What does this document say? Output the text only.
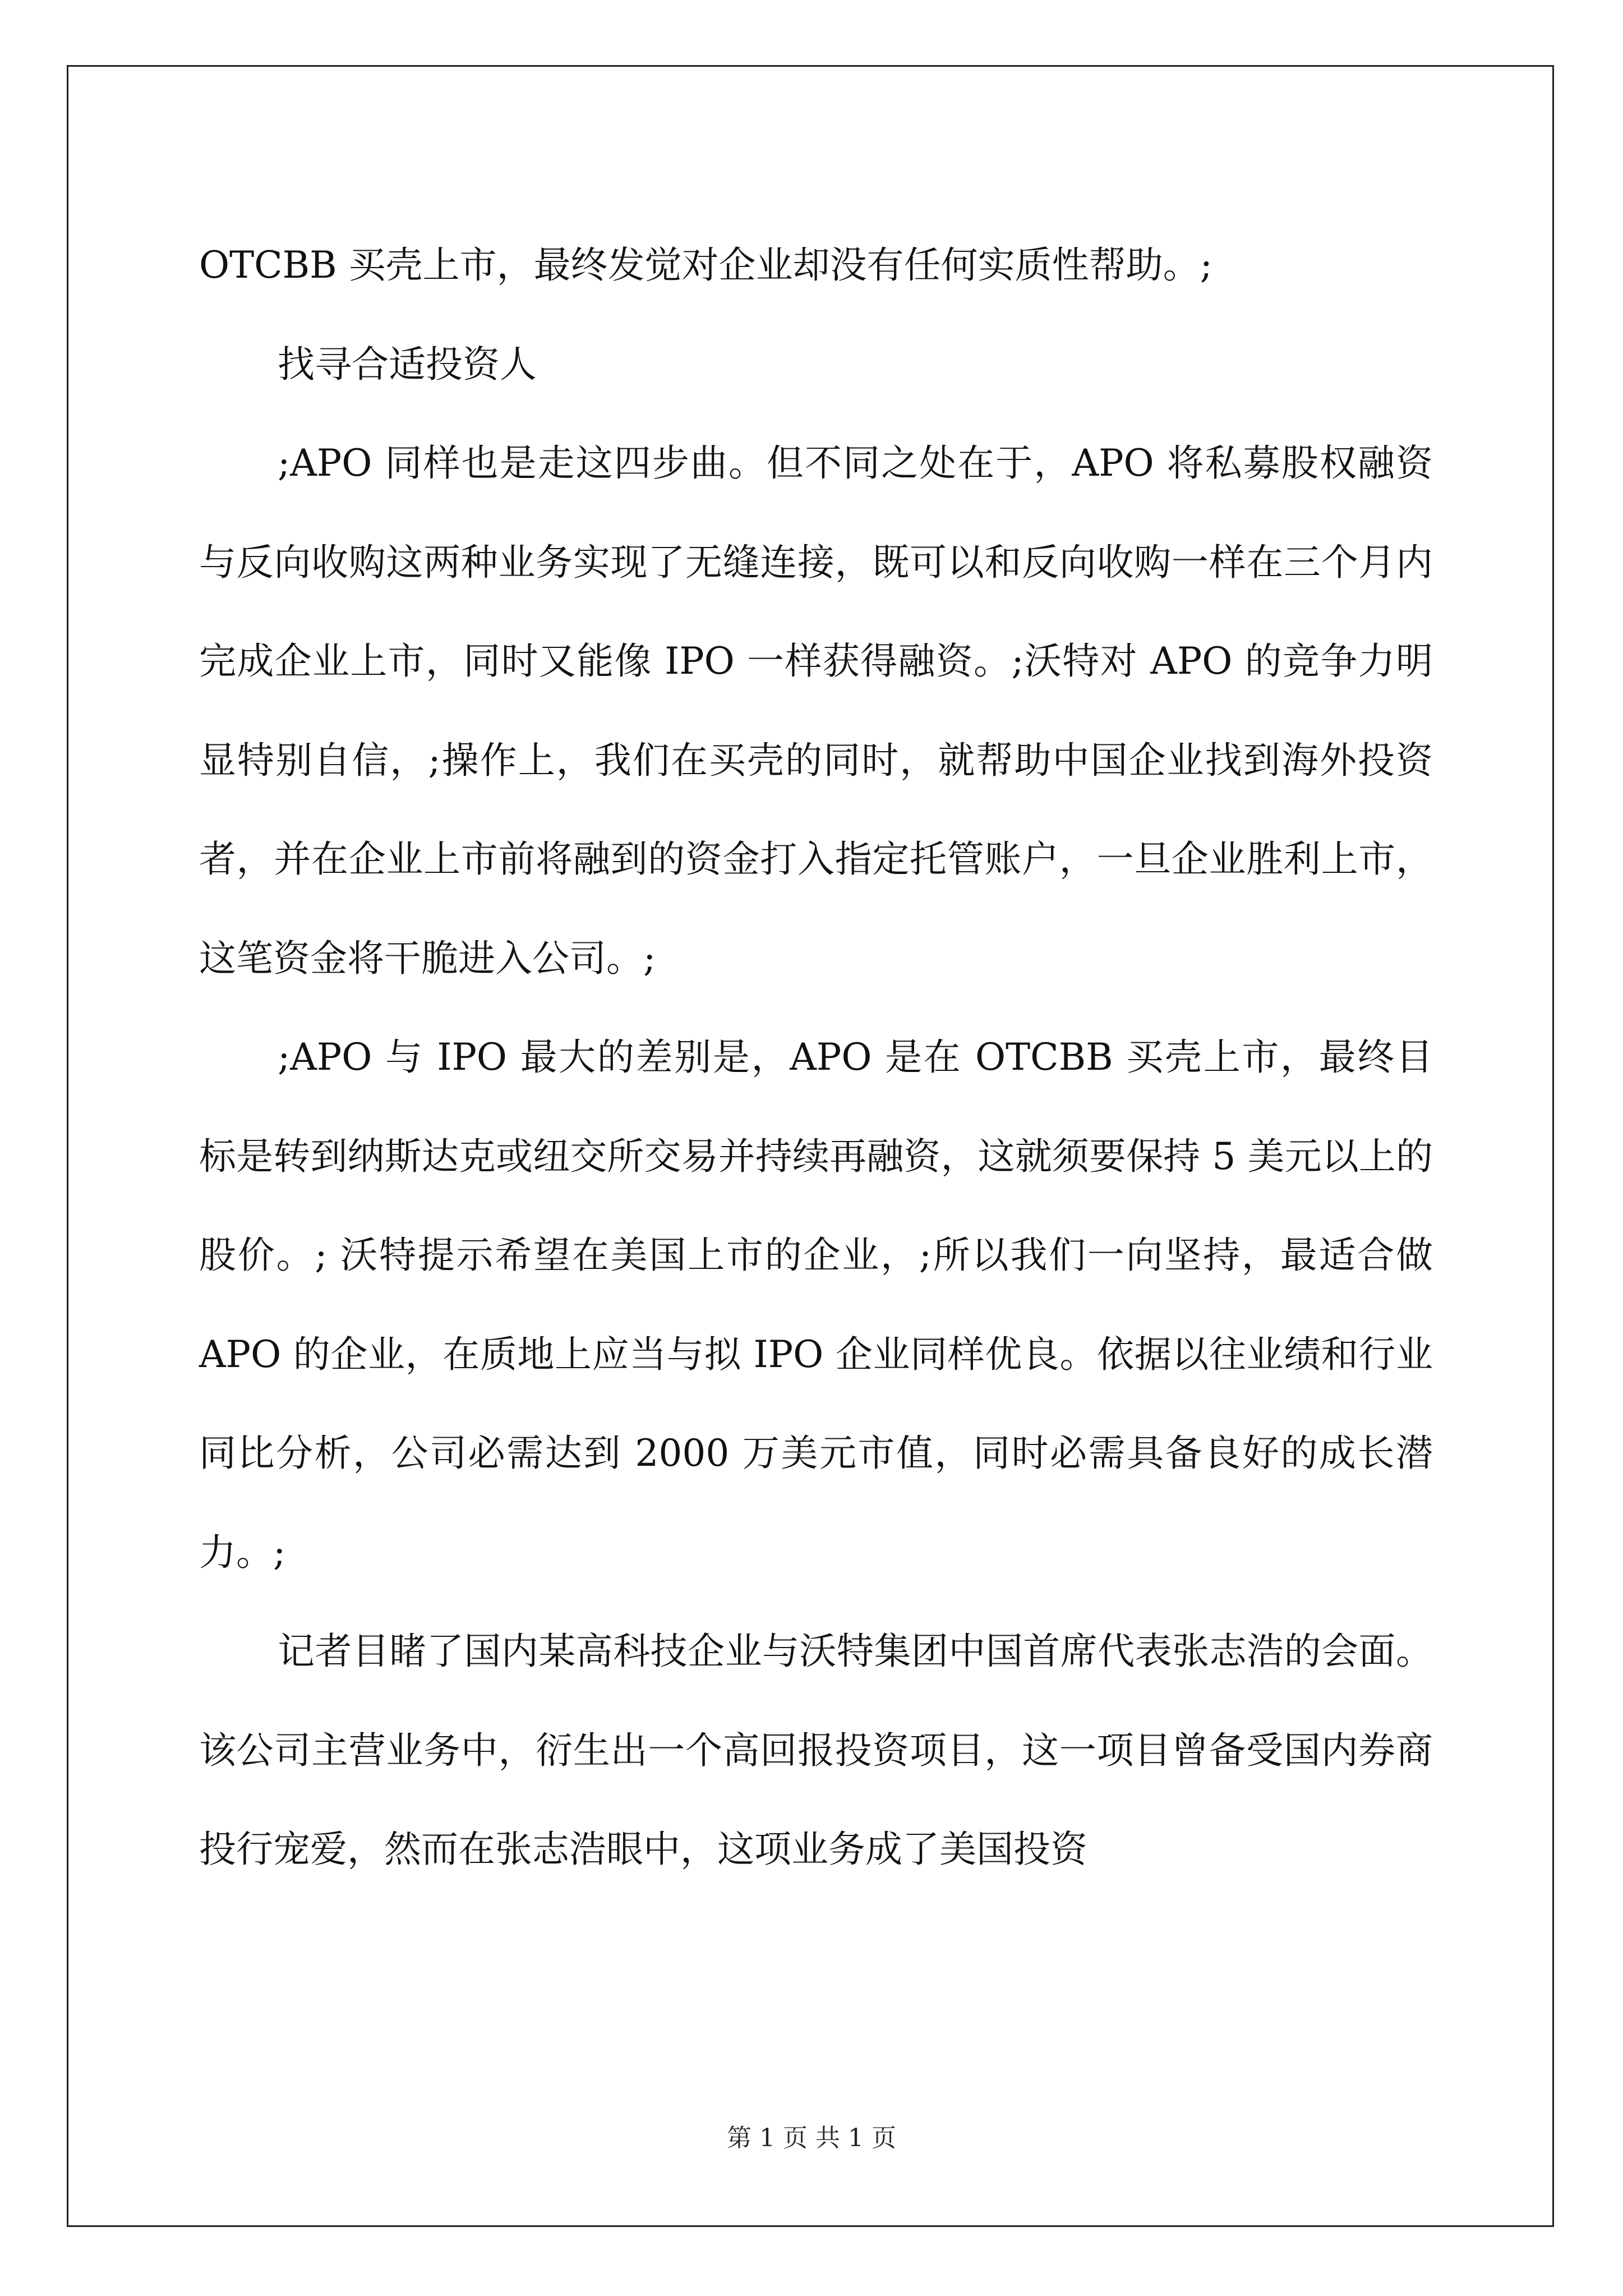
OTCBB 买壳上市，最终发觉对企业却没有任何实质性帮助。;

找寻合适投资人

;APO 同样也是走这四步曲。但不同之处在于，APO 将私募股权融资与反向收购这两种业务实现了无缝连接，既可以和反向收购一样在三个月内完成企业上市，同时又能像 IPO 一样获得融资。;沃特对 APO 的竞争力明显特别自信，;操作上，我们在买壳的同时，就帮助中国企业找到海外投资者，并在企业上市前将融到的资金打入指定托管账户，一旦企业胜利上市，这笔资金将干脆进入公司。;

;APO 与 IPO 最大的差别是，APO 是在 OTCBB 买壳上市，最终目标是转到纳斯达克或纽交所交易并持续再融资，这就须要保持 5 美元以上的股价。; 沃特提示希望在美国上市的企业，;所以我们一向坚持，最适合做 APO 的企业，在质地上应当与拟 IPO 企业同样优良。依据以往业绩和行业同比分析，公司必需达到 2000 万美元市值，同时必需具备良好的成长潜力。;

记者目睹了国内某高科技企业与沃特集团中国首席代表张志浩的会面。该公司主营业务中，衍生出一个高回报投资项目，这一项目曾备受国内券商投行宠爱，然而在张志浩眼中，这项业务成了美国投资

第 1 页 共 1 页
